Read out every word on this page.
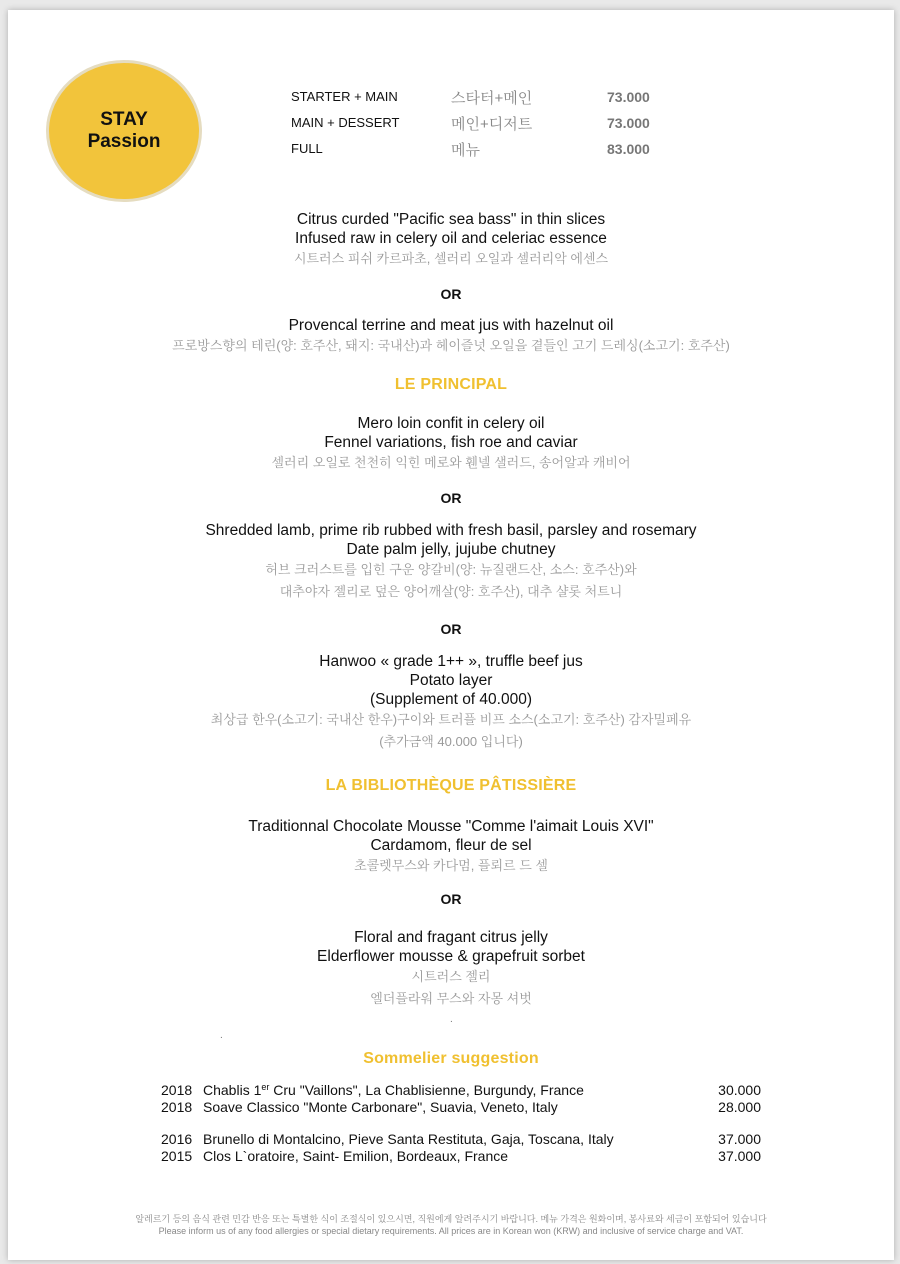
STAY
Passion
STARTER + MAIN	스타터+메인	73.000
MAIN + DESSERT	메인+디저트	73.000
FULL	메뉴	83.000
Citrus curded "Pacific sea bass" in thin slices
Infused raw in celery oil and celeriac essence
시트러스 피쉬 카르파초, 셀러리 오일과 셀러리악 에센스
OR
Provencal terrine and meat jus with hazelnut oil
프로방스향의 테린(양: 호주산, 돼지: 국내산)과 헤이즐넛 오일을 곁들인 고기 드레싱(소고기: 호주산)
LE PRINCIPAL
Mero loin confit in celery oil
Fennel variations, fish roe and caviar
셀러리 오일로 천천히 익힌 메로와 휀넬 샐러드, 송어알과 캐비어
OR
Shredded lamb, prime rib rubbed with fresh basil, parsley and rosemary
Date palm jelly, jujube chutney
허브 크러스트를 입힌 구운 양갈비(양: 뉴질랜드산, 소스: 호주산)와
대추야자 젤리로 덮은 양어깨살(양: 호주산), 대추 샬롯 처트니
OR
Hanwoo « grade 1++ », truffle beef jus
Potato layer
(Supplement of 40.000)
최상급 한우(소고기: 국내산 한우)구이와 트러플 비프 소스(소고기: 호주산) 감자밀페유
(추가금액 40.000 입니다)
LA BIBLIOTHÈQUE PÂTISSIÈRE
Traditionnal Chocolate Mousse "Comme l'aimait Louis XVI"
Cardamom, fleur de sel
초콜렛무스와 카다멈, 플뢰르 드 셀
OR
Floral and fragant citrus jelly
Elderflower mousse & grapefruit sorbet
시트러스 젤리
엘더플라워 무스와 자몽 셔벗
.
.
Sommelier suggestion
2018 Chablis 1er Cru "Vaillons", La Chablisienne, Burgundy, France	30.000
2018 Soave Classico "Monte Carbonare", Suavia, Veneto, Italy	28.000
2016 Brunello di Montalcino, Pieve Santa Restituta, Gaja, Toscana, Italy	37.000
2015 Clos L`oratoire, Saint- Emilion, Bordeaux, France	37.000
알레르기 등의 음식 관련 민감 반응 또는 특별한 식이 조절식이 있으시면, 직원에게 알려주시기 바랍니다. 메뉴 가격은 원화이며, 봉사료와 세금이 포함되어 있습니다
Please inform us of any food allergies or special dietary requirements. All prices are in Korean won (KRW) and inclusive of service charge and VAT.
